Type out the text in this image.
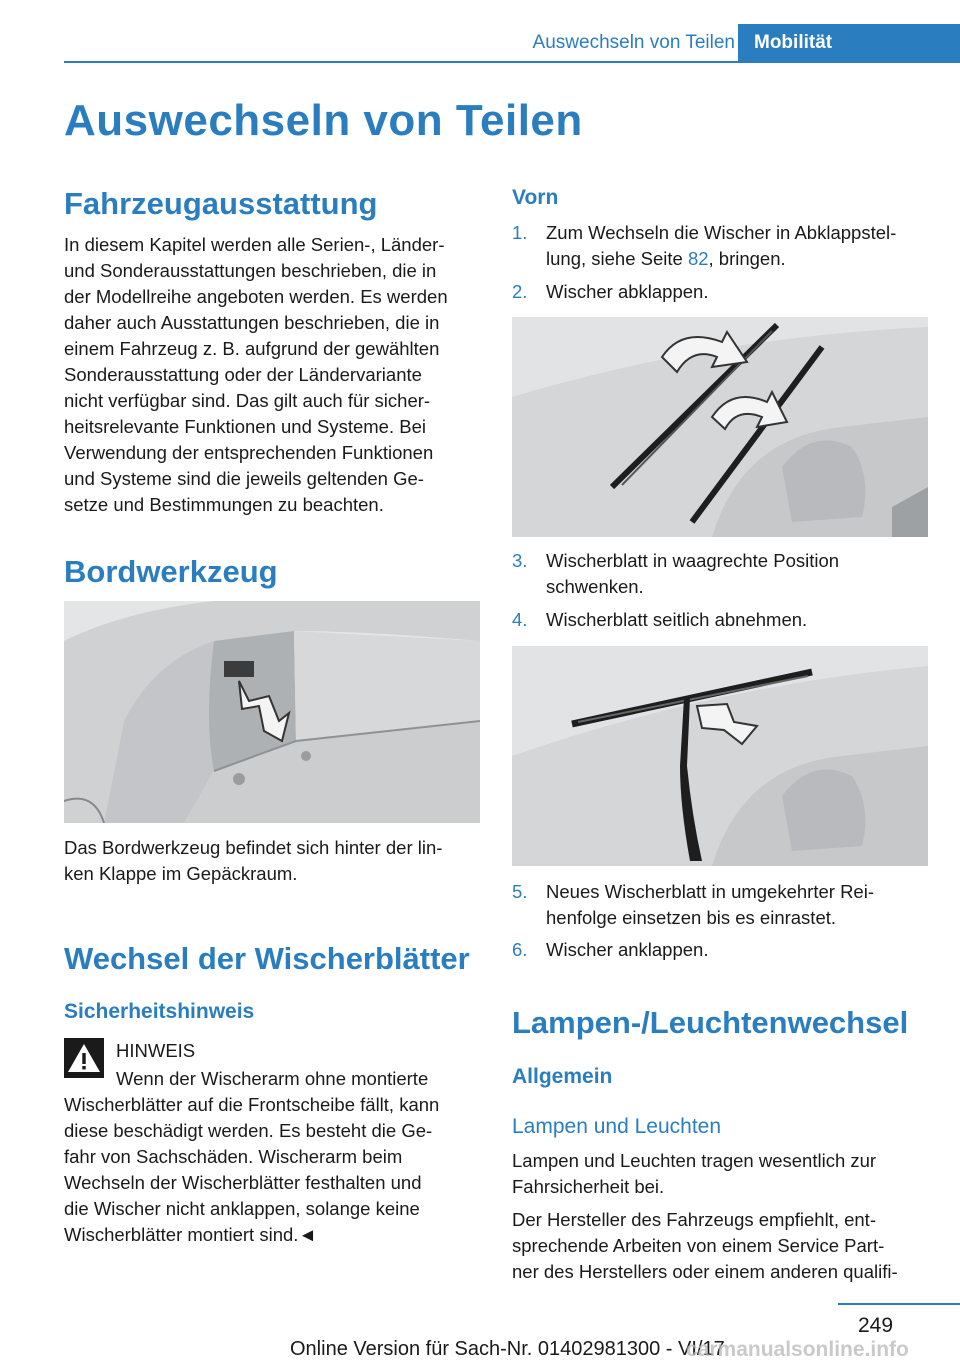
Auswechseln von Teilen	Mobilität
Auswechseln von Teilen
Fahrzeugausstattung
In diesem Kapitel werden alle Serien-, Länder-
und Sonderausstattungen beschrieben, die in
der Modellreihe angeboten werden. Es werden
daher auch Ausstattungen beschrieben, die in
einem Fahrzeug z. B. aufgrund der gewählten
Sonderausstattung oder der Ländervariante
nicht verfügbar sind. Das gilt auch für sicher-
heitsrelevante Funktionen und Systeme. Bei
Verwendung der entsprechenden Funktionen
und Systeme sind die jeweils geltenden Ge-
setze und Bestimmungen zu beachten.
Bordwerkzeug
Das Bordwerkzeug befindet sich hinter der lin-
ken Klappe im Gepäckraum.
Wechsel der Wischerblätter
Sicherheitshinweis
HINWEIS
Wenn der Wischerarm ohne montierte
Wischerblätter auf die Frontscheibe fällt, kann
diese beschädigt werden. Es besteht die Ge-
fahr von Sachschäden. Wischerarm beim
Wechseln der Wischerblätter festhalten und
die Wischer nicht anklappen, solange keine
Wischerblätter montiert sind.◄
Vorn
1. Zum Wechseln die Wischer in Abklappstel-
lung, siehe Seite 82, bringen.
2. Wischer abklappen.
3. Wischerblatt in waagrechte Position
schwenken.
4. Wischerblatt seitlich abnehmen.
5. Neues Wischerblatt in umgekehrter Rei-
henfolge einsetzen bis es einrastet.
6. Wischer anklappen.
Lampen-/Leuchtenwechsel
Allgemein
Lampen und Leuchten
Lampen und Leuchten tragen wesentlich zur
Fahrsicherheit bei.
Der Hersteller des Fahrzeugs empfiehlt, ent-
sprechende Arbeiten von einem Service Part-
ner des Herstellers oder einem anderen qualifi-
249
Online Version für Sach-Nr. 01402981300 - VI/17
carmanualsonline.info
